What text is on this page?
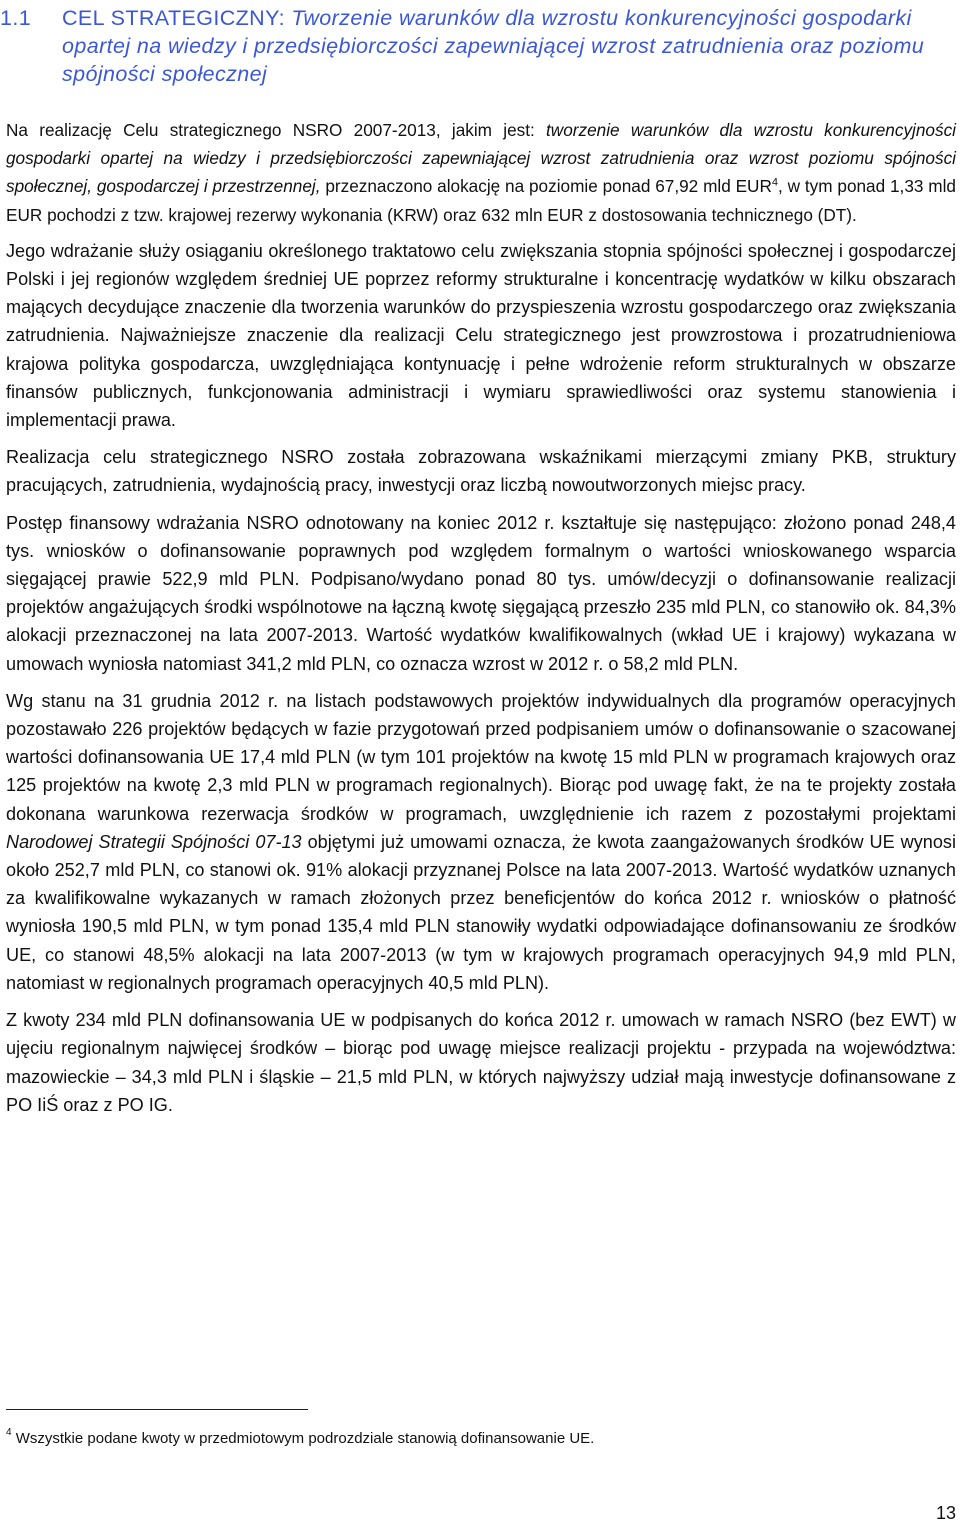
1.1 CEL STRATEGICZNY: Tworzenie warunków dla wzrostu konkurencyjności gospodarki opartej na wiedzy i przedsiębiorczości zapewniającej wzrost zatrudnienia oraz poziomu spójności społecznej

Na realizację Celu strategicznego NSRO 2007-2013, jakim jest: tworzenie warunków dla wzrostu konkurencyjności gospodarki opartej na wiedzy i przedsiębiorczości zapewniającej wzrost zatrudnienia oraz wzrost poziomu spójności społecznej, gospodarczej i przestrzennej, przeznaczono alokację na poziomie ponad 67,92 mld EUR$^4$, w tym ponad 1,33 mld EUR pochodzi z tzw. krajowej rezerwy wykonania (KRW) oraz 632 mln EUR z dostosowania technicznego (DT).

Jego wdrażanie służy osiąganiu określonego traktatowo celu zwiększania stopnia spójności społecznej i gospodarczej Polski i jej regionów względem średniej UE poprzez reformy strukturalne i koncentrację wydatków w kilku obszarach mających decydujące znaczenie dla tworzenia warunków do przyspieszenia wzrostu gospodarczego oraz zwiększania zatrudnienia. Najważniejsze znaczenie dla realizacji Celu strategicznego jest prowzrostowa i prozatrudnieniowa krajowa polityka gospodarcza, uwzględniająca kontynuację i pełne wdrożenie reform strukturalnych w obszarze finansów publicznych, funkcjonowania administracji i wymiaru sprawiedliwości oraz systemu stanowienia i implementacji prawa.

Realizacja celu strategicznego NSRO została zobrazowana wskaźnikami mierzącymi zmiany PKB, struktury pracujących, zatrudnienia, wydajnością pracy, inwestycji oraz liczbą nowoutworzonych miejsc pracy.

Postęp finansowy wdrażania NSRO odnotowany na koniec 2012 r. kształtuje się następująco: złożono ponad 248,4 tys. wniosków o dofinansowanie poprawnych pod względem formalnym o wartości wnioskowanego wsparcia sięgającej prawie 522,9 mld PLN. Podpisano/wydano ponad 80 tys. umów/decyzji o dofinansowanie realizacji projektów angażujących środki wspólnotowe na łączną kwotę sięgającą przeszło 235 mld PLN, co stanowiło ok. 84,3% alokacji przeznaczonej na lata 2007-2013. Wartość wydatków kwalifikowalnych (wkład UE i krajowy) wykazana w umowach wyniosła natomiast 341,2 mld PLN, co oznacza wzrost w 2012 r. o 58,2 mld PLN.

Wg stanu na 31 grudnia 2012 r. na listach podstawowych projektów indywidualnych dla programów operacyjnych pozostawało 226 projektów będących w fazie przygotowań przed podpisaniem umów o dofinansowanie o szacowanej wartości dofinansowania UE 17,4 mld PLN (w tym 101 projektów na kwotę 15 mld PLN w programach krajowych oraz 125 projektów na kwotę 2,3 mld PLN w programach regionalnych). Biorąc pod uwagę fakt, że na te projekty została dokonana warunkowa rezerwacja środków w programach, uwzględnienie ich razem z pozostałymi projektami Narodowej Strategii Spójności 07-13 objętymi już umowami oznacza, że kwota zaangażowanych środków UE wynosi około 252,7 mld PLN, co stanowi ok. 91% alokacji przyznanej Polsce na lata 2007-2013. Wartość wydatków uznanych za kwalifikowalne wykazanych w ramach złożonych przez beneficjentów do końca 2012 r. wniosków o płatność wyniosła 190,5 mld PLN, w tym ponad 135,4 mld PLN stanowiły wydatki odpowiadające dofinansowaniu ze środków UE, co stanowi 48,5% alokacji na lata 2007-2013 (w tym w krajowych programach operacyjnych 94,9 mld PLN, natomiast w regionalnych programach operacyjnych 40,5 mld PLN).

Z kwoty 234 mld PLN dofinansowania UE w podpisanych do końca 2012 r. umowach w ramach NSRO (bez EWT) w ujęciu regionalnym najwięcej środków – biorąc pod uwagę miejsce realizacji projektu - przypada na województwa: mazowieckie – 34,3 mld PLN i śląskie – 21,5 mld PLN, w których najwyższy udział mają inwestycje dofinansowane z PO IiŚ oraz z PO IG.

$^4$ Wszystkie podane kwoty w przedmiotowym podrozdziale stanowią dofinansowanie UE.
13
